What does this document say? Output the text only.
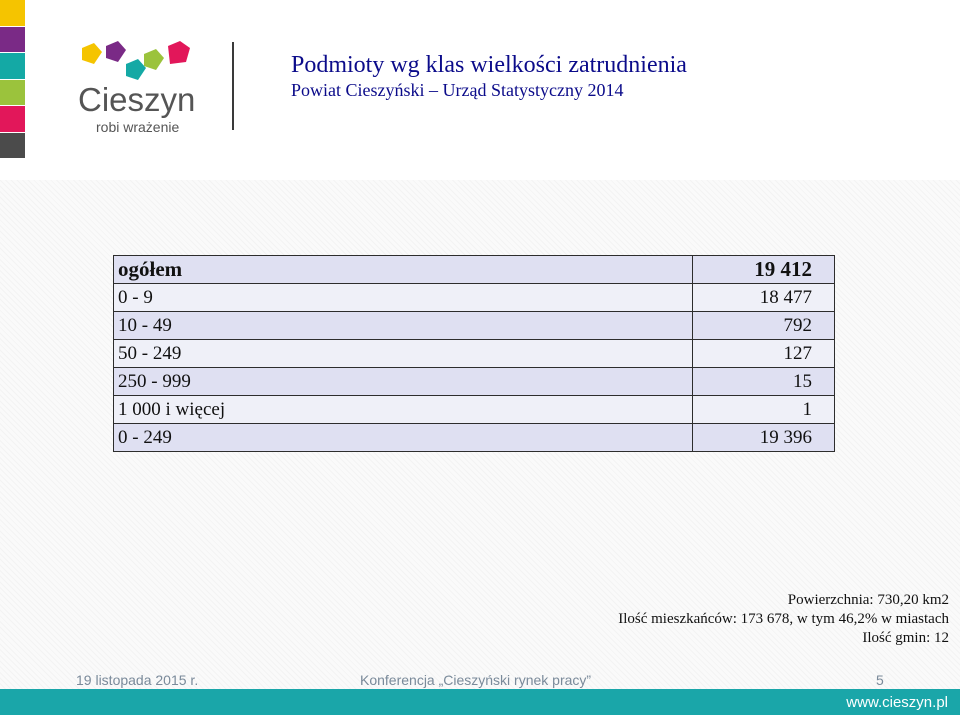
Cieszyn
robi wrażenie
Podmioty wg klas wielkości zatrudnienia
Powiat Cieszyński – Urząd Statystyczny 2014
ogółem	19 412
0 - 9	18 477
10 - 49	792
50 - 249	127
250 - 999	15
1 000 i więcej	1
0 - 249	19 396
Powierzchnia: 730,20 km2
Ilość mieszkańców: 173 678, w tym 46,2% w miastach
Ilość gmin: 12
19 listopada 2015 r.	Konferencja „Cieszyński rynek pracy”	5
www.cieszyn.pl
